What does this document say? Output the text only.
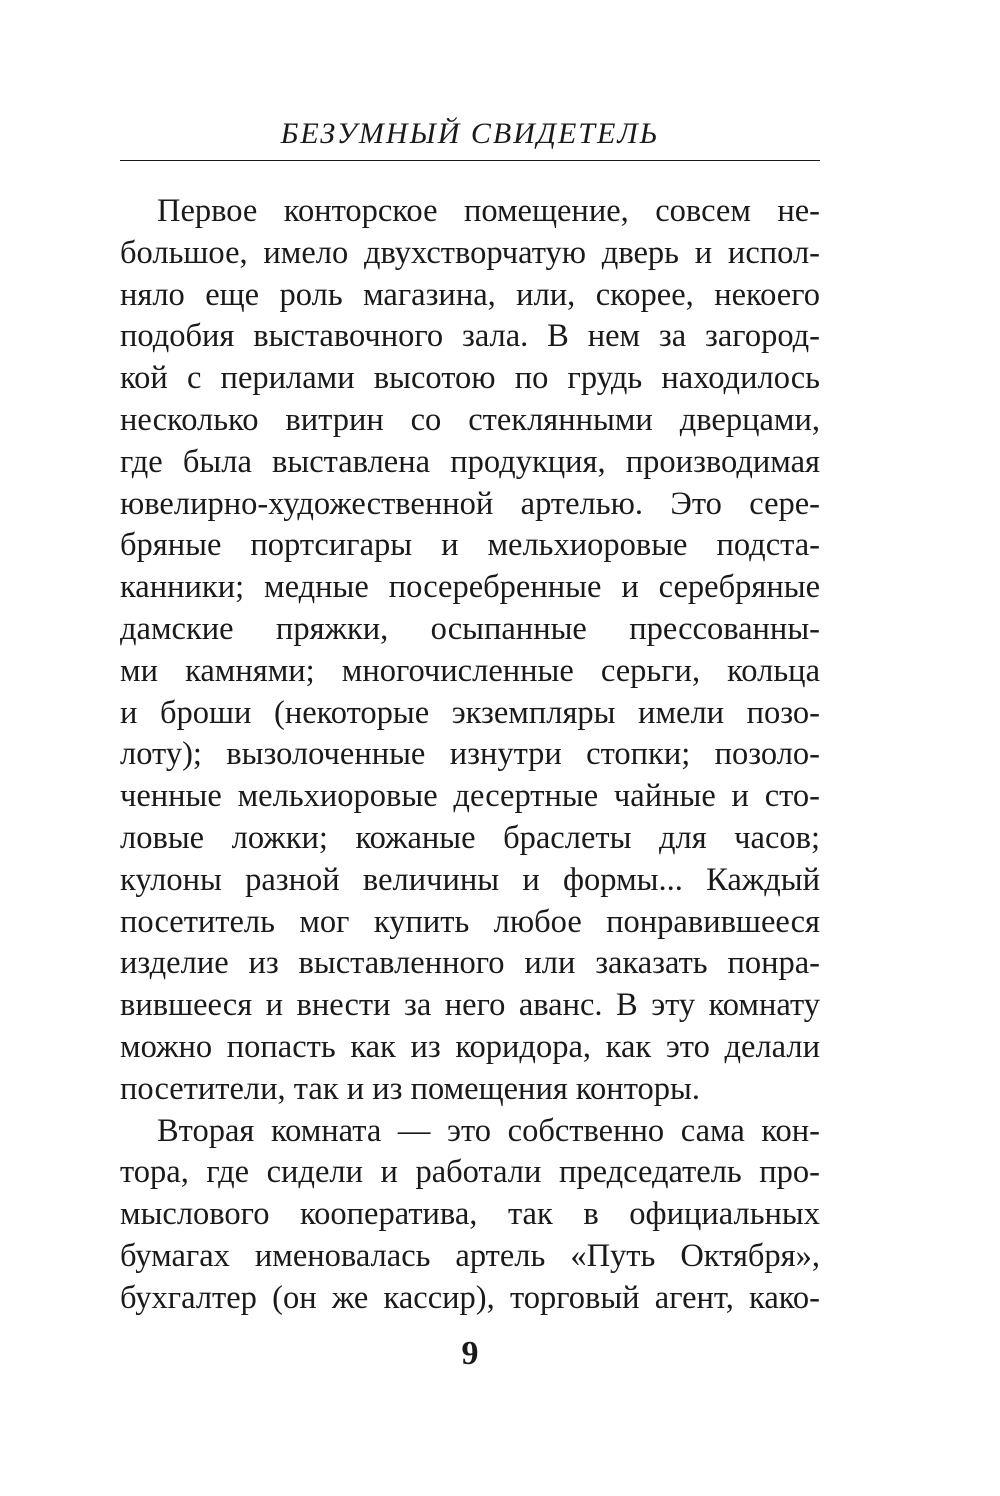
БЕЗУМНЫЙ СВИДЕТЕЛЬ
Первое конторское помещение, совсем не-
большое, имело двухстворчатую дверь и испол-
няло еще роль магазина, или, скорее, некоего
подобия выставочного зала. В нем за загород-
кой с перилами высотою по грудь находилось
несколько витрин со стеклянными дверцами,
где была выставлена продукция, производимая
ювелирно-художественной артелью. Это сере-
бряные портсигары и мельхиоровые подста-
канники; медные посеребренные и серебряные
дамские пряжки, осыпанные прессованны-
ми камнями; многочисленные серьги, кольца
и броши (некоторые экземпляры имели позо-
лоту); вызолоченные изнутри стопки; позоло-
ченные мельхиоровые десертные чайные и сто-
ловые ложки; кожаные браслеты для часов;
кулоны разной величины и формы... Каждый
посетитель мог купить любое понравившееся
изделие из выставленного или заказать понра-
вившееся и внести за него аванс. В эту комнату
можно попасть как из коридора, как это делали
посетители, так и из помещения конторы.
Вторая комната — это собственно сама кон-
тора, где сидели и работали председатель про-
мыслового кооператива, так в официальных
бумагах именовалась артель «Путь Октября»,
бухгалтер (он же кассир), торговый агент, како-
9
